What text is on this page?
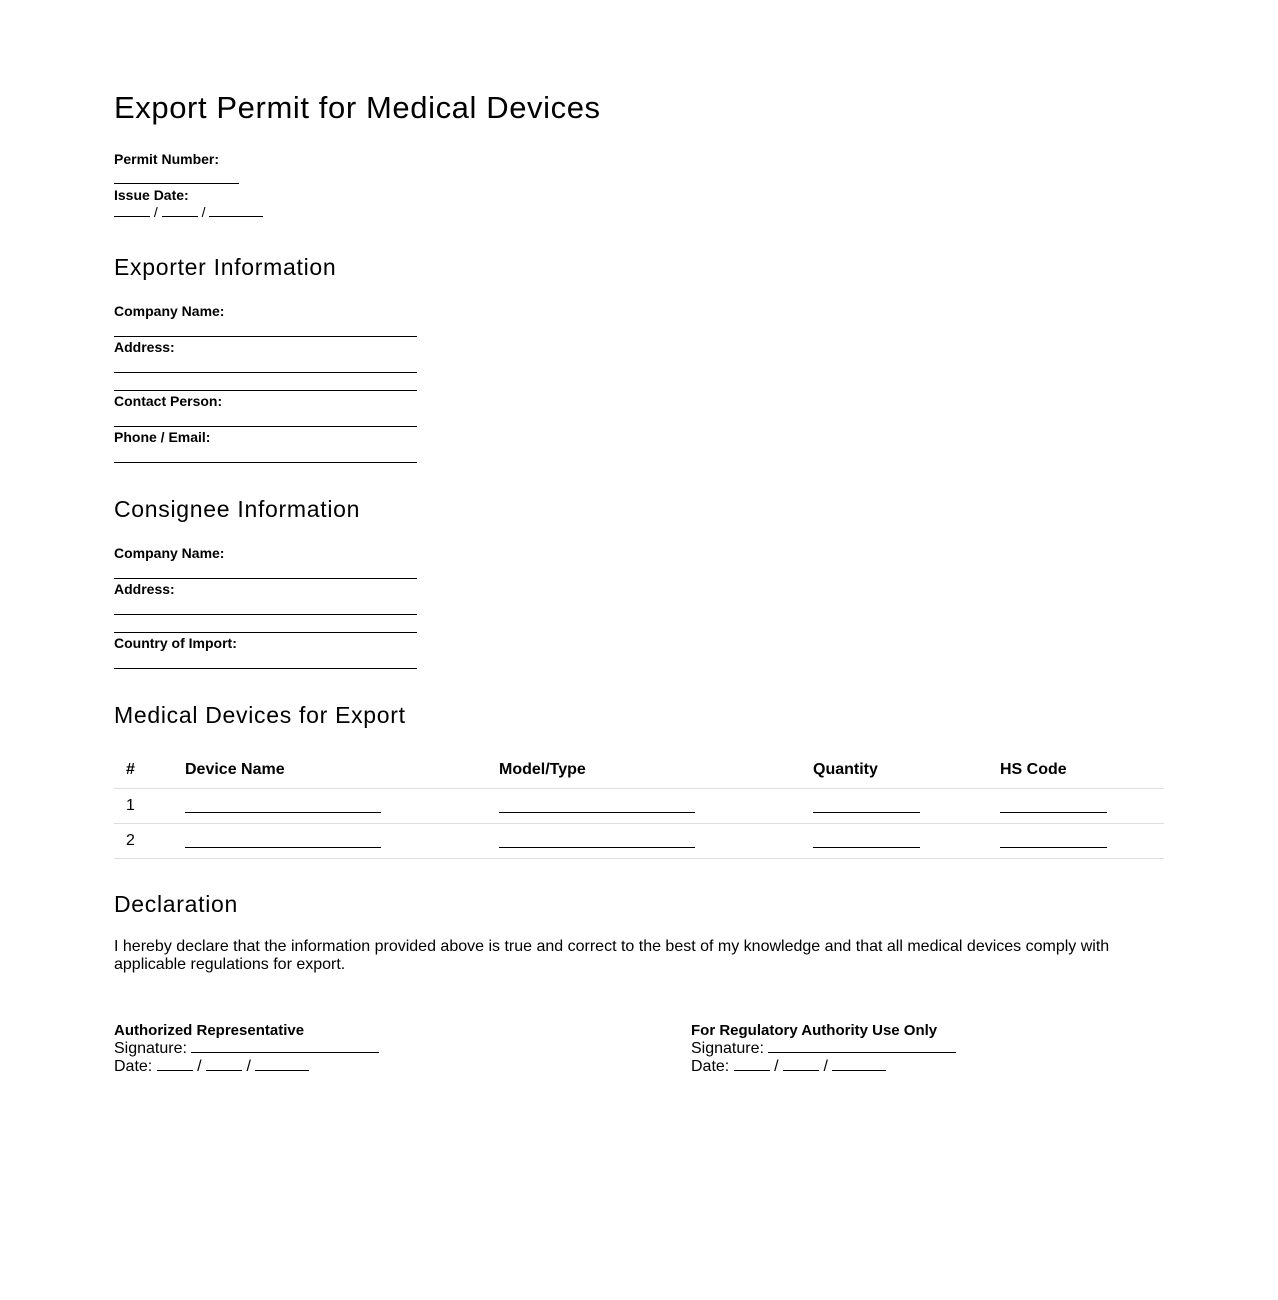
Export Permit for Medical Devices
Permit Number:
Issue Date:
/	/
Exporter Information
Company Name:
Address:
Contact Person:
Phone / Email:
Consignee Information
Company Name:
Address:
Country of Import:
Medical Devices for Export
#	Device Name	Model/Type	Quantity	HS Code
1				
2				
Declaration

I hereby declare that the information provided above is true and correct to the best of my knowledge and that all medical devices comply with applicable regulations for export.

Authorized Representative
Signature:
Date:	/	/
For Regulatory Authority Use Only
Signature:
Date:	/	/
